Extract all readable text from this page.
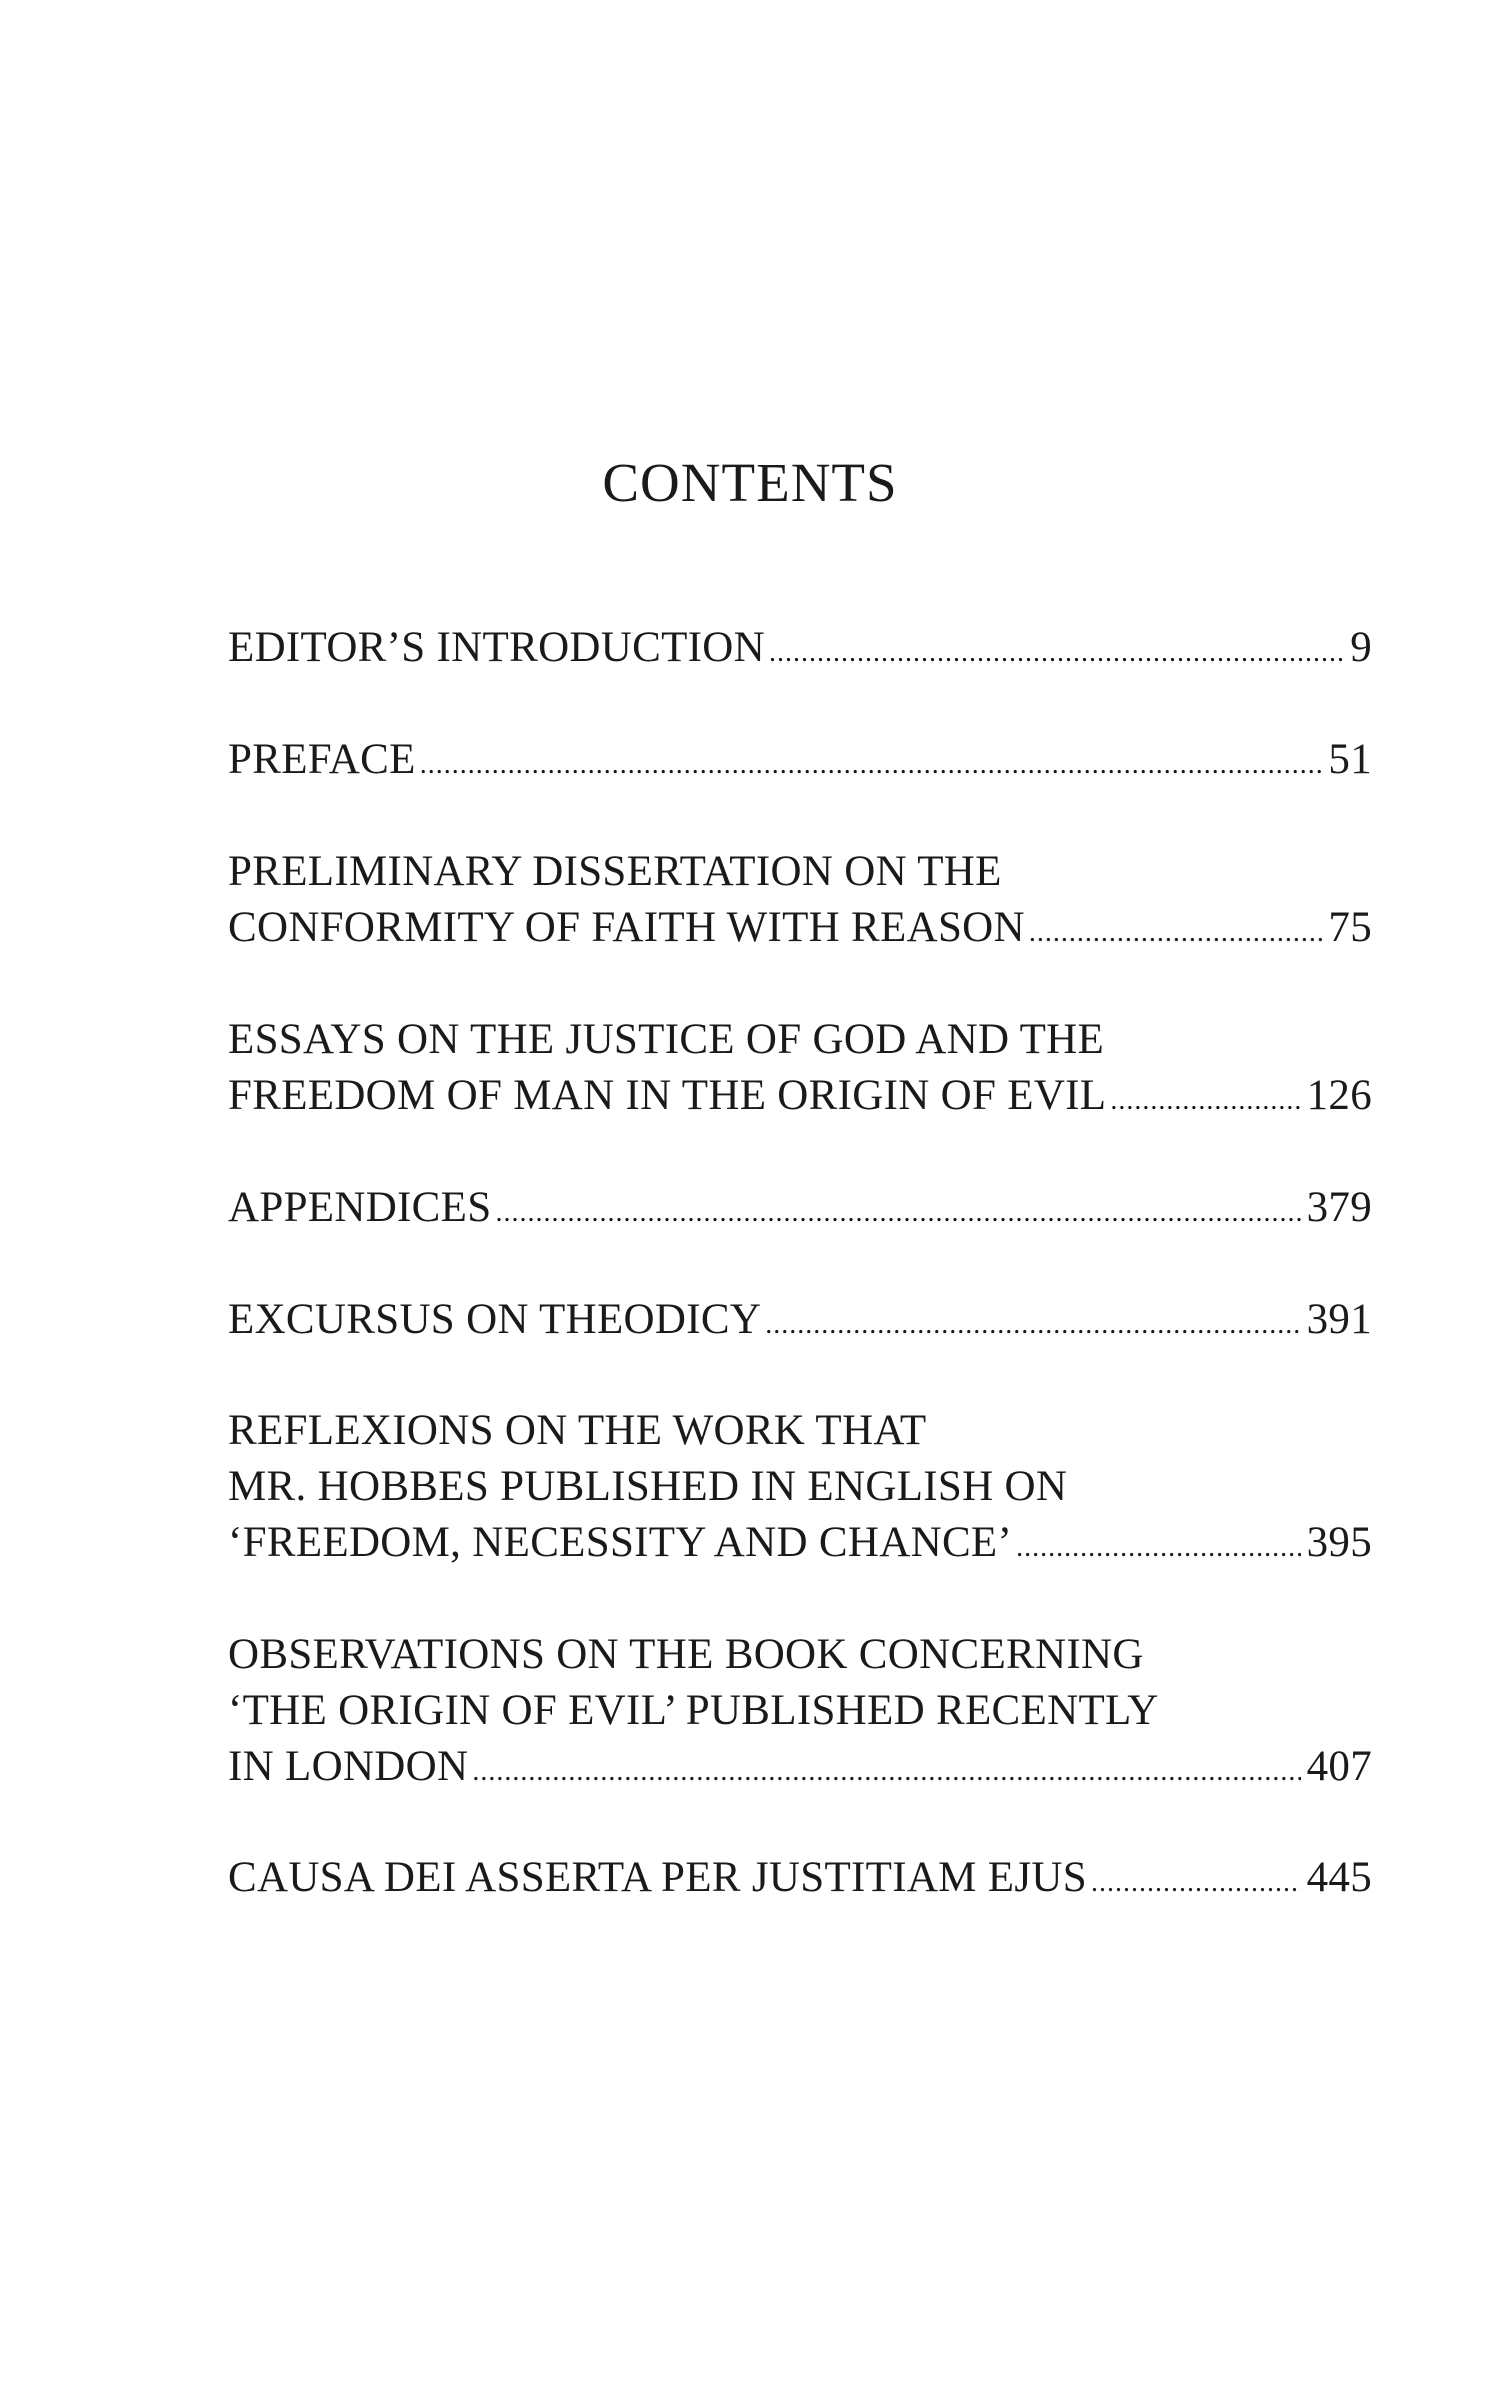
CONTENTS
EDITOR’S INTRODUCTION .....	9
PREFACE .....	51
PRELIMINARY DISSERTATION ON THE
CONFORMITY OF FAITH WITH REASON .....	75
ESSAYS ON THE JUSTICE OF GOD AND THE
FREEDOM OF MAN IN THE ORIGIN OF EVIL .....	126
APPENDICES .....	379
EXCURSUS ON THEODICY .....	391
REFLEXIONS ON THE WORK THAT
MR. HOBBES PUBLISHED IN ENGLISH ON
‘FREEDOM, NECESSITY AND CHANCE’ .....	395
OBSERVATIONS ON THE BOOK CONCERNING
‘THE ORIGIN OF EVIL’ PUBLISHED RECENTLY
IN LONDON .....	407
CAUSA DEI ASSERTA PER JUSTITIAM EJUS .....	445
